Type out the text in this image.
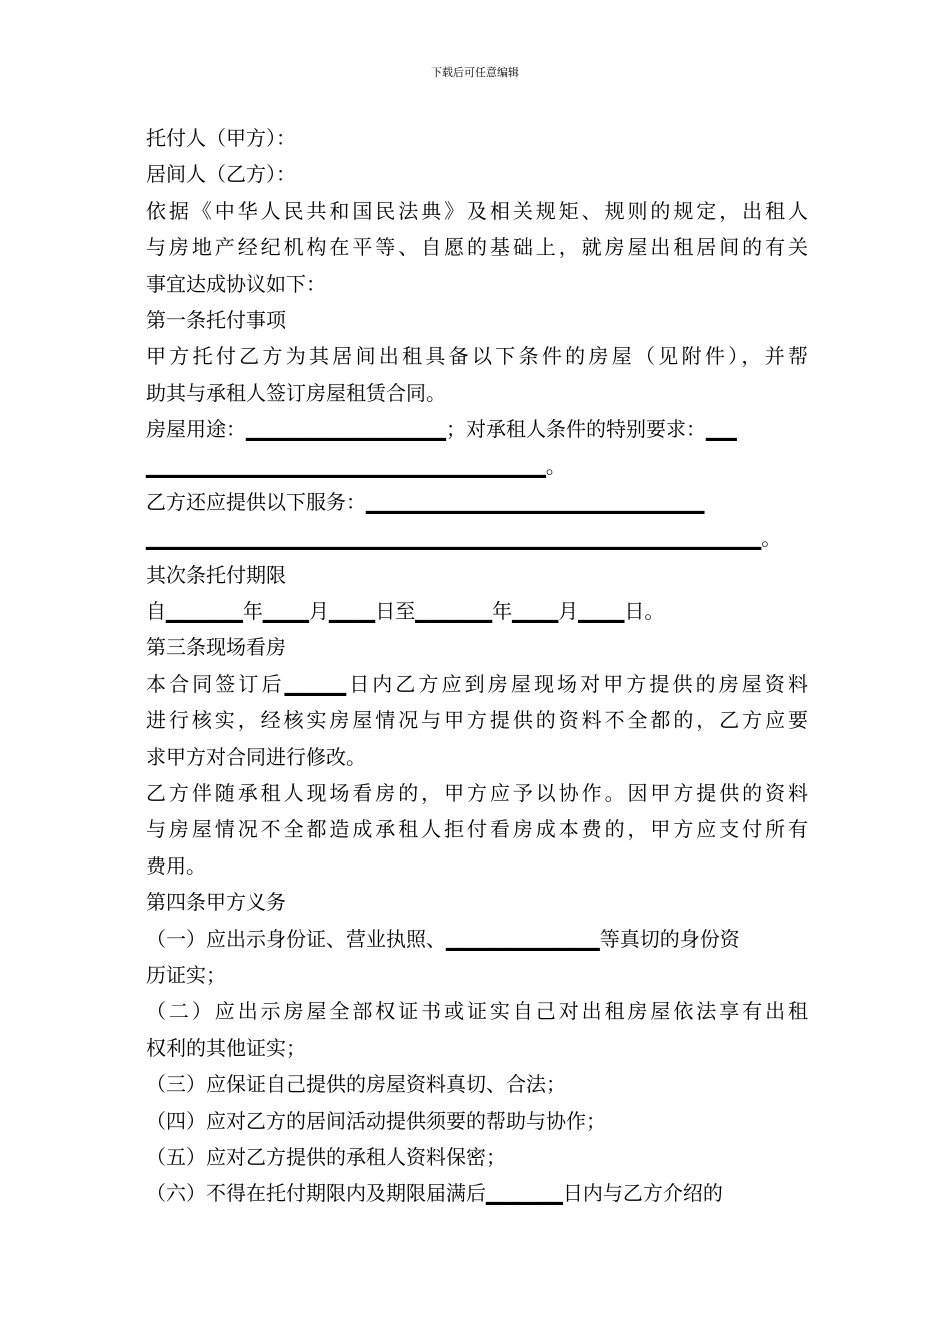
下载后可任意编辑
托付人（甲方）：
居间人（乙方）：
依据《中华人民共和国民法典》及相关规矩、规则的规定，出租人
与房地产经纪机构在平等、自愿的基础上，就房屋出租居间的有关
事宜达成协议如下：
第一条托付事项
甲方托付乙方为其居间出租具备以下条件的房屋（见附件），并帮
助其与承租人签订房屋租赁合同。
房屋用途：▁▁▁▁▁▁▁▁▁▁▁▁▁；对承租人条件的特别要求：▁▁
▁▁▁▁▁▁▁▁▁▁▁▁▁▁▁▁▁▁▁▁▁▁▁▁▁▁。
乙方还应提供以下服务：▁▁▁▁▁▁▁▁▁▁▁▁▁▁▁▁▁▁▁▁▁▁
▁▁▁▁▁▁▁▁▁▁▁▁▁▁▁▁▁▁▁▁▁▁▁▁▁▁▁▁▁▁▁▁▁▁▁▁▁▁▁▁。
其次条托付期限
自▁▁▁▁▁年▁▁▁月▁▁▁日至▁▁▁▁▁年▁▁▁月▁▁▁日。
第三条现场看房
本合同签订后▁▁▁▁日内乙方应到房屋现场对甲方提供的房屋资料
进行核实，经核实房屋情况与甲方提供的资料不全都的，乙方应要
求甲方对合同进行修改。
乙方伴随承租人现场看房的，甲方应予以协作。因甲方提供的资料
与房屋情况不全都造成承租人拒付看房成本费的，甲方应支付所有
费用。
第四条甲方义务
（一）应出示身份证、营业执照、▁▁▁▁▁▁▁▁▁▁等真切的身份资
历证实；
（二）应出示房屋全部权证书或证实自己对出租房屋依法享有出租
权利的其他证实；
（三）应保证自己提供的房屋资料真切、合法；
（四）应对乙方的居间活动提供须要的帮助与协作；
（五）应对乙方提供的承租人资料保密；
（六）不得在托付期限内及期限届满后▁▁▁▁▁日内与乙方介绍的
